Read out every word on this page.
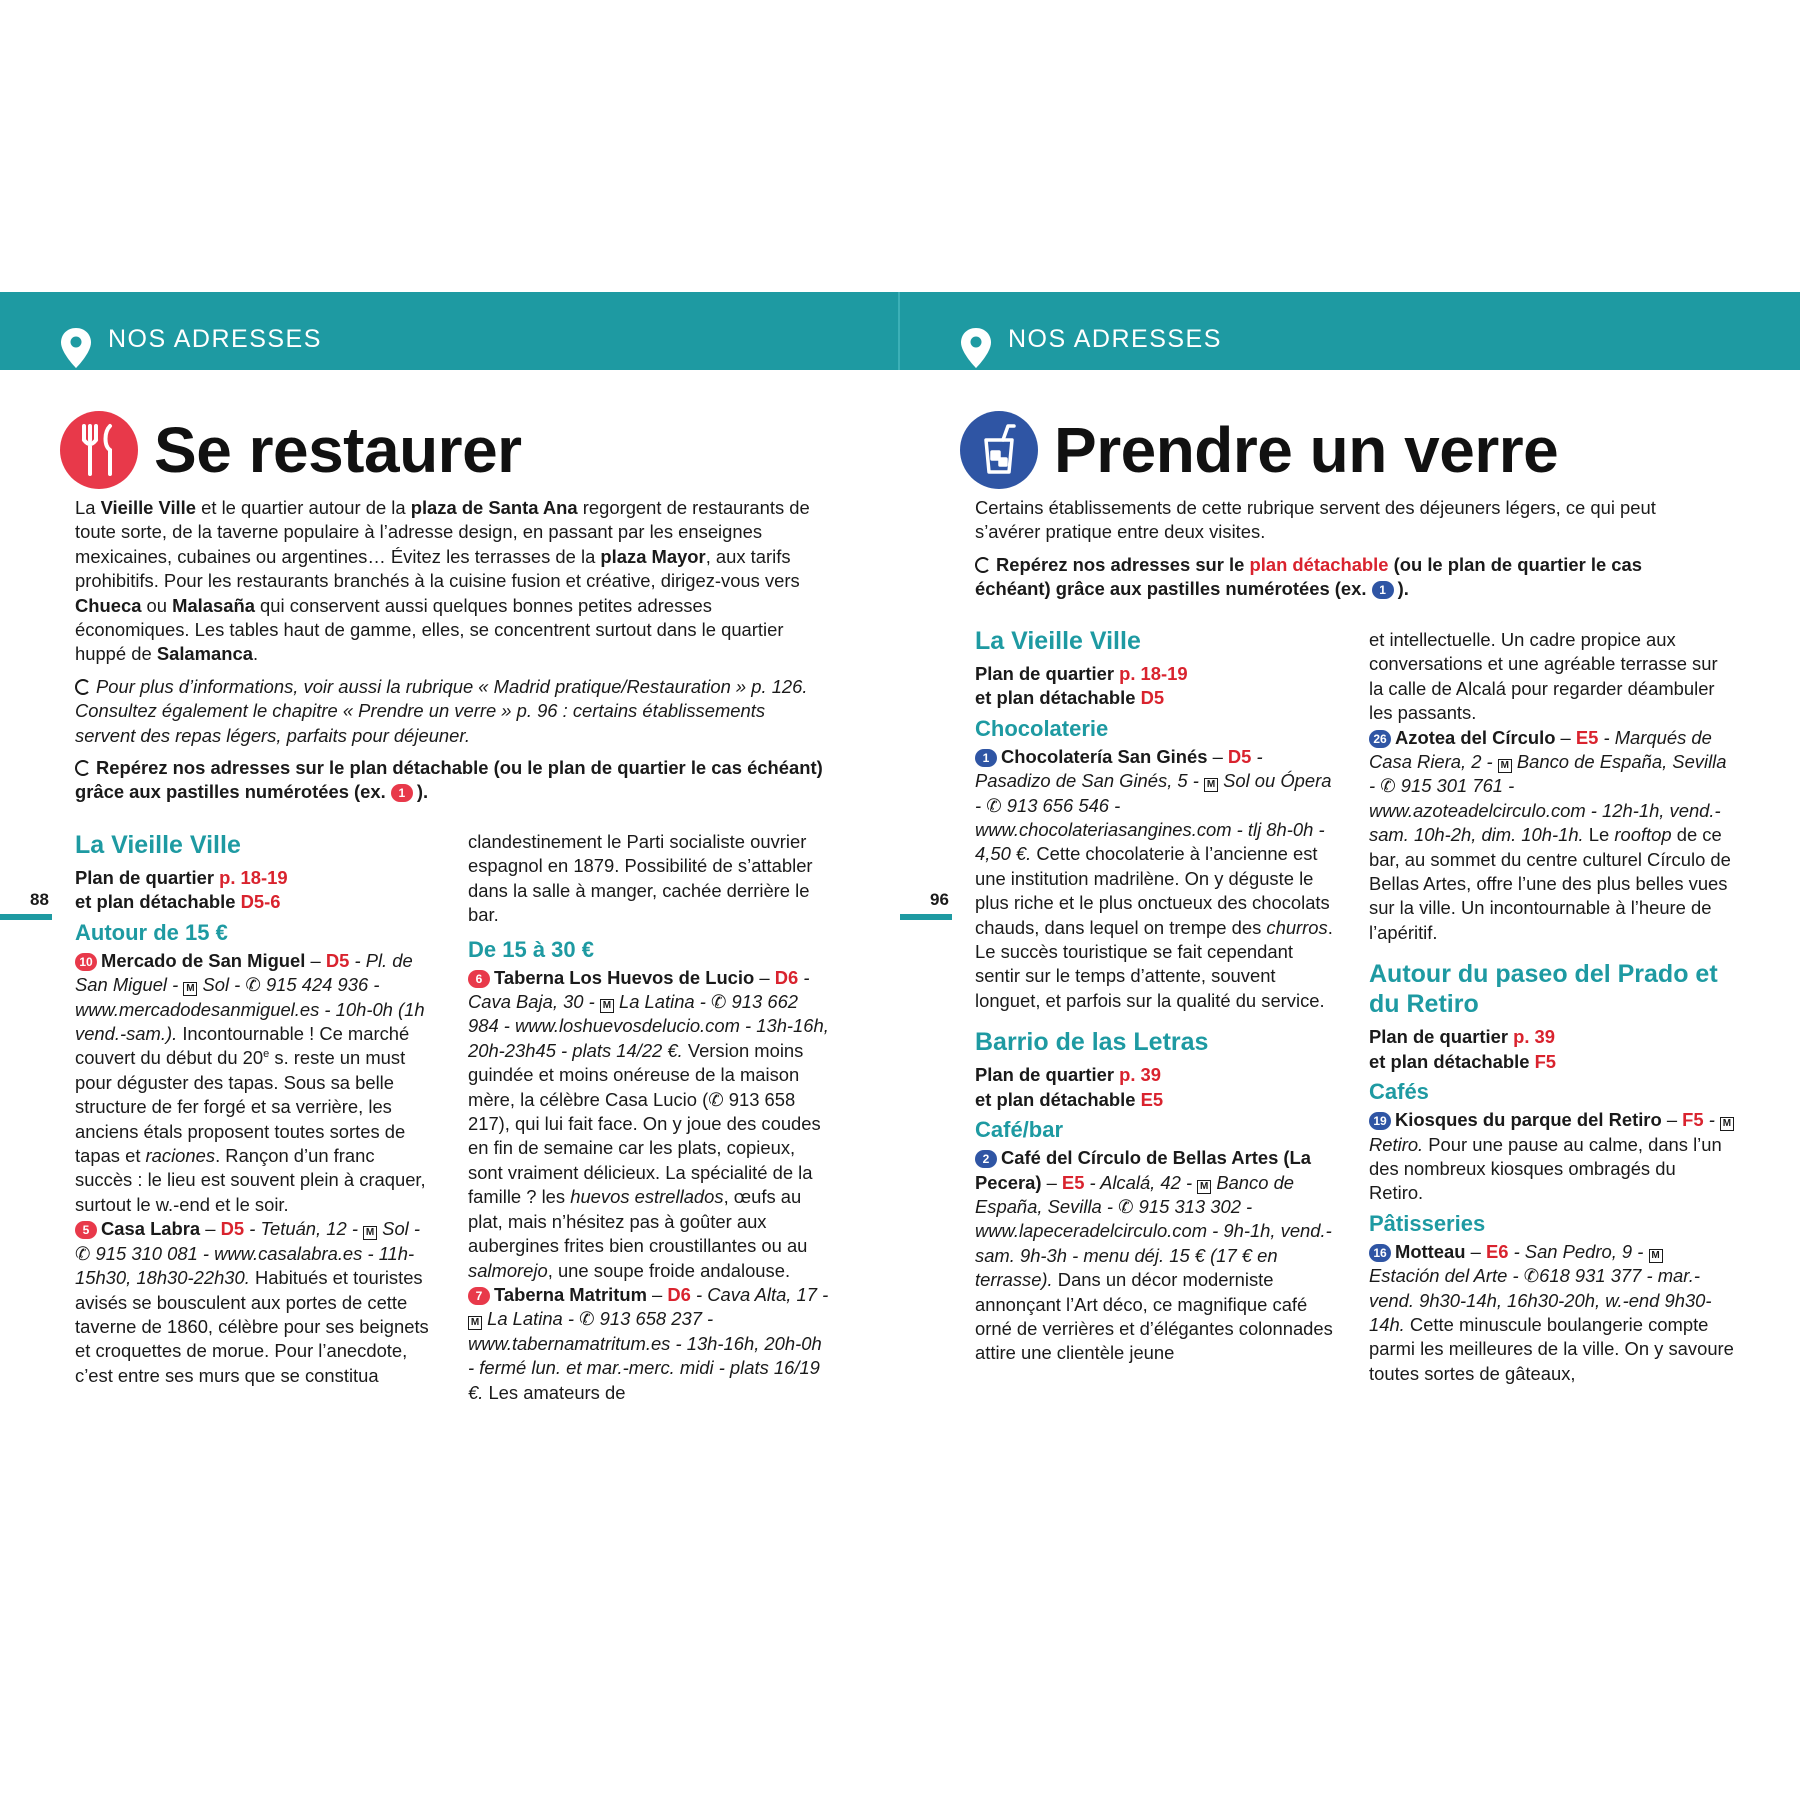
NOS ADRESSES	NOS ADRESSES
Se restaurer	Prendre un verre

La Vieille Ville et le quartier autour de la plaza de Santa Ana regorgent de restaurants de toute sorte, de la taverne populaire à l’adresse design, en passant par les enseignes mexicaines, cubaines ou argentines… Évitez les terrasses de la plaza Mayor, aux tarifs prohibitifs. Pour les restaurants branchés à la cuisine fusion et créative, dirigez-vous vers Chueca ou Malasaña qui conservent aussi quelques bonnes petites adresses économiques. Les tables haut de gamme, elles, se concentrent surtout dans le quartier huppé de Salamanca.

Pour plus d’informations, voir aussi la rubrique « Madrid pratique/Restauration » p. 126. Consultez également le chapitre « Prendre un verre » p. 96 : certains établissements servent des repas légers, parfaits pour déjeuner.

Repérez nos adresses sur le plan détachable (ou le plan de quartier le cas échéant) grâce aux pastilles numérotées (ex. 1 ).

La Vieille Ville

Plan de quartier p. 18-19
et plan détachable D5-6

Autour de 15 €

10 Mercado de San Miguel – D5 - Pl. de San Miguel - M Sol - ✆ 915 424 936 - www.mercadodesanmiguel.es - 10h-0h (1h vend.-sam.). Incontournable ! Ce marché couvert du début du 20e s. reste un must pour déguster des tapas. Sous sa belle structure de fer forgé et sa verrière, les anciens étals proposent toutes sortes de tapas et raciones. Rançon d’un franc succès : le lieu est souvent plein à craquer, surtout le w.-end et le soir.

5 Casa Labra – D5 - Tetuán, 12 - M Sol - ✆ 915 310 081 - www.casalabra.es - 11h-15h30, 18h30-22h30. Habitués et touristes avisés se bousculent aux portes de cette taverne de 1860, célèbre pour ses beignets et croquettes de morue. Pour l’anecdote, c’est entre ses murs que se constitua

clandestinement le Parti socialiste ouvrier espagnol en 1879. Possibilité de s’attabler dans la salle à manger, cachée derrière le bar.

De 15 à 30 €

6 Taberna Los Huevos de Lucio – D6 - Cava Baja, 30 - M La Latina - ✆ 913 662 984 - www.loshuevosdelucio.com - 13h-16h, 20h-23h45 - plats 14/22 €. Version moins guindée et moins onéreuse de la maison mère, la célèbre Casa Lucio (✆ 913 658 217), qui lui fait face. On y joue des coudes en fin de semaine car les plats, copieux, sont vraiment délicieux. La spécialité de la famille ? les huevos estrellados, œufs au plat, mais n’hésitez pas à goûter aux aubergines frites bien croustillantes ou au salmorejo, une soupe froide andalouse.

7 Taberna Matritum – D6 - Cava Alta, 17 - M La Latina - ✆ 913 658 237 - www.tabernamatritum.es - 13h-16h, 20h-0h - fermé lun. et mar.-merc. midi - plats 16/19 €. Les amateurs de

88

Certains établissements de cette rubrique servent des déjeuners légers, ce qui peut s’avérer pratique entre deux visites.

Repérez nos adresses sur le plan détachable (ou le plan de quartier le cas échéant) grâce aux pastilles numérotées (ex. 1 ).

La Vieille Ville

Plan de quartier p. 18-19
et plan détachable D5

Chocolaterie

1 Chocolatería San Ginés – D5 - Pasadizo de San Ginés, 5 - M Sol ou Ópera - ✆ 913 656 546 - www.chocolateriasangines.com - tlj 8h-0h - 4,50 €. Cette chocolaterie à l’ancienne est une institution madrilène. On y déguste le plus riche et le plus onctueux des chocolats chauds, dans lequel on trempe des churros. Le succès touristique se fait cependant sentir sur le temps d’attente, souvent longuet, et parfois sur la qualité du service.

Barrio de las Letras

Plan de quartier p. 39
et plan détachable E5

Café/bar

2 Café del Círculo de Bellas Artes (La Pecera) – E5 - Alcalá, 42 - M Banco de España, Sevilla - ✆ 915 313 302 - www.lapeceradelcirculo.com - 9h-1h, vend.-sam. 9h-3h - menu déj. 15 € (17 € en terrasse). Dans un décor moderniste annonçant l’Art déco, ce magnifique café orné de verrières et d’élégantes colonnades attire une clientèle jeune

et intellectuelle. Un cadre propice aux conversations et une agréable terrasse sur la calle de Alcalá pour regarder déambuler les passants.

26 Azotea del Círculo – E5 - Marqués de Casa Riera, 2 - M Banco de España, Sevilla - ✆ 915 301 761 - www.azoteadelcirculo.com - 12h-1h, vend.-sam. 10h-2h, dim. 10h-1h. Le rooftop de ce bar, au sommet du centre culturel Círculo de Bellas Artes, offre l’une des plus belles vues sur la ville. Un incontournable à l’heure de l’apéritif.

Autour du paseo del Prado et du Retiro

Plan de quartier p. 39
et plan détachable F5

Cafés

19 Kiosques du parque del Retiro – F5 - M Retiro. Pour une pause au calme, dans l’un des nombreux kiosques ombragés du Retiro.

Pâtisseries

16 Motteau – E6 - San Pedro, 9 - M Estación del Arte - ✆618 931 377 - mar.-vend. 9h30-14h, 16h30-20h, w.-end 9h30-14h. Cette minuscule boulangerie compte parmi les meilleures de la ville. On y savoure toutes sortes de gâteaux,

96
